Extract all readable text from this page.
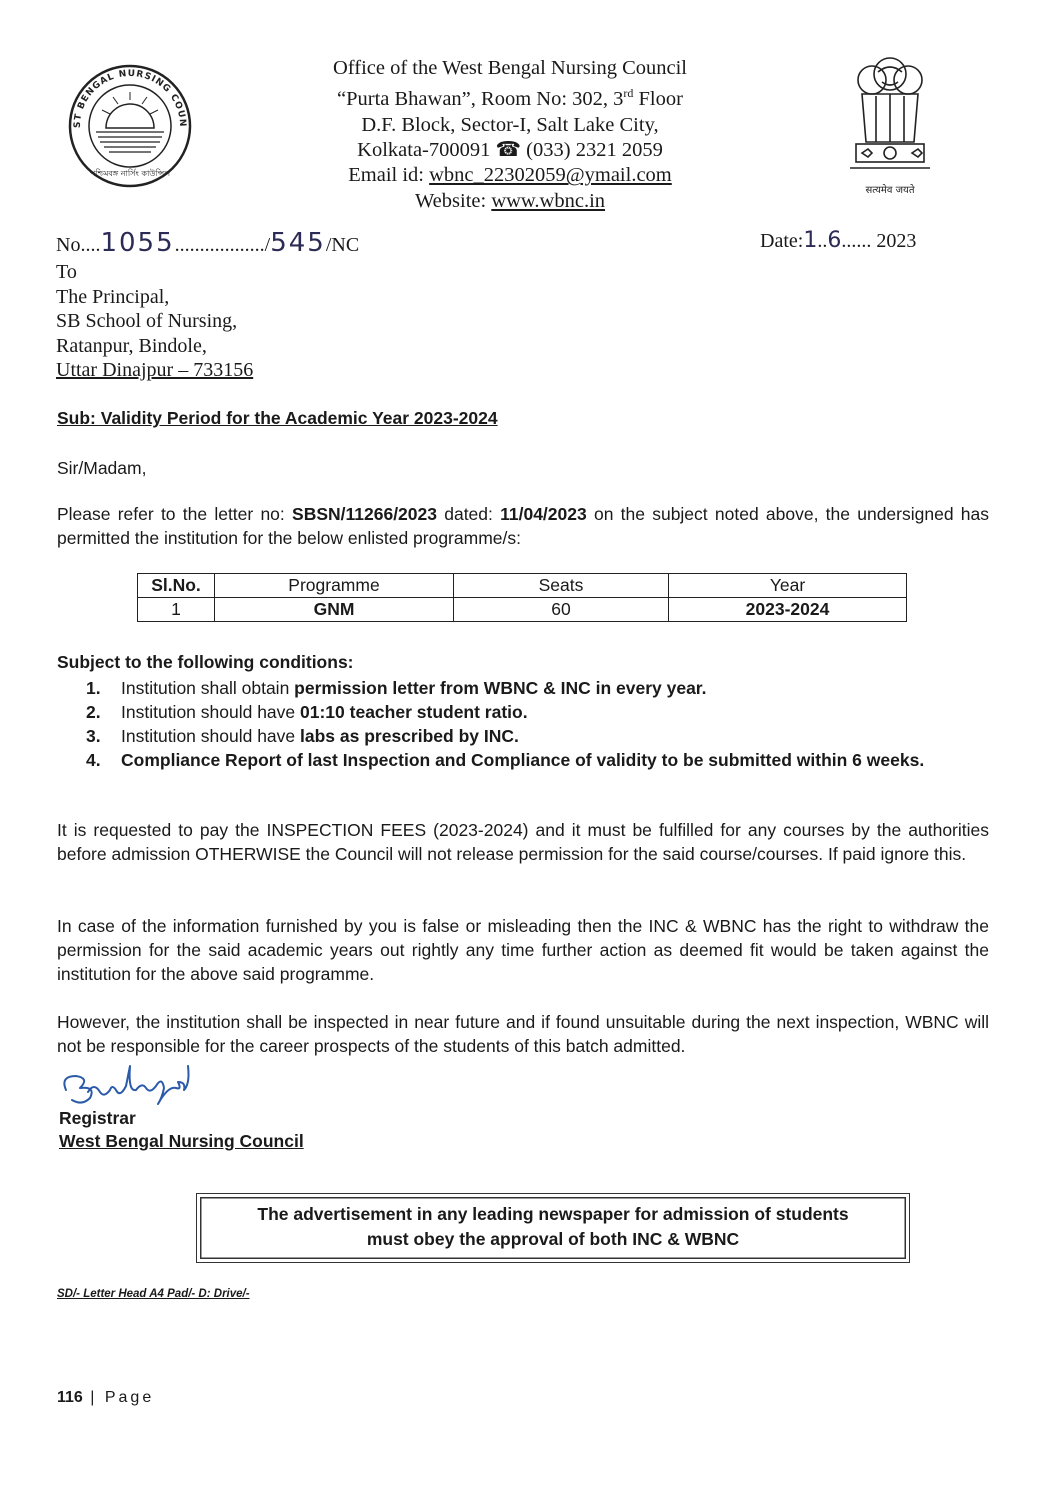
ST BENGAL NURSING COUN
পশ্চিমবঙ্গ নার্সিং কাউন্সিল
Office of the West Bengal Nursing Council
“Purta Bhawan”, Room No: 302, 3rd Floor
D.F. Block, Sector-I, Salt Lake City,
Kolkata-700091 ☎ (033) 2321 2059
Email id: wbnc_22302059@ymail.com
Website: www.wbnc.in	सत्यमेव जयते
No....1055................../545/NC	Date:1..6...... 2023
To
The Principal,
SB School of Nursing,
Ratanpur, Bindole,
Uttar Dinajpur – 733156
Sub: Validity Period for the Academic Year 2023-2024
Sir/Madam,
Please refer to the letter no: SBSN/11266/2023 dated: 11/04/2023 on the subject noted above, the undersigned has permitted the institution for the below enlisted programme/s:
Sl.No.	Programme	Seats	Year
1	GNM	60	2023-2024
Subject to the following conditions:
1.	Institution shall obtain permission letter from WBNC & INC in every year.
2.	Institution should have 01:10 teacher student ratio.
3.	Institution should have labs as prescribed by INC.
4.	Compliance Report of last Inspection and Compliance of validity to be submitted within 6 weeks.
It is requested to pay the INSPECTION FEES (2023-2024) and it must be fulfilled for any courses by the authorities before admission OTHERWISE the Council will not release permission for the said course/courses. If paid ignore this.
In case of the information furnished by you is false or misleading then the INC & WBNC has the right to withdraw the permission for the said academic years out rightly any time further action as deemed fit would be taken against the institution for the above said programme.
However, the institution shall be inspected in near future and if found unsuitable during the next inspection, WBNC will not be responsible for the career prospects of the students of this batch admitted.
Registrar
West Bengal Nursing Council
The advertisement in any leading newspaper for admission of students
must obey the approval of both INC & WBNC
SD/- Letter Head A4 Pad/- D: Drive/-
116 | Page
